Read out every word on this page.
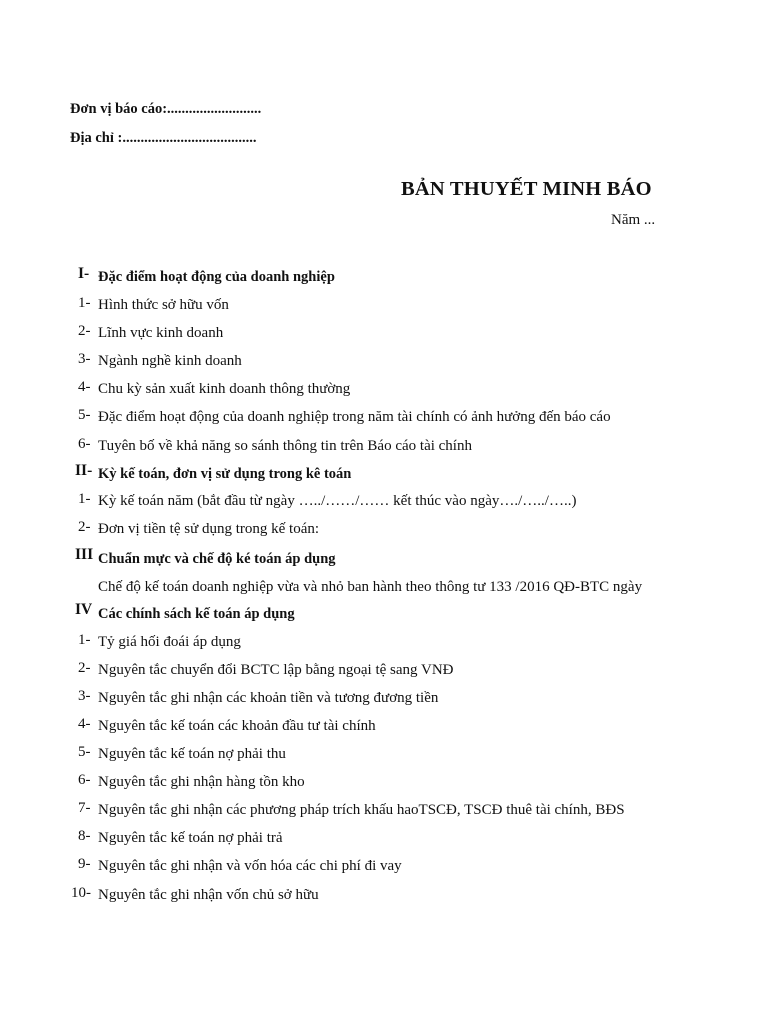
Đơn vị báo cáo:..........................
Địa chỉ :.....................................
BẢN THUYẾT MINH BÁO
Năm ...
I- Đặc điểm hoạt động của doanh nghiệp
1- Hình thức sở hữu vốn
2- Lĩnh vực kinh doanh
3- Ngành nghề kinh doanh
4- Chu kỳ sản xuất kinh doanh thông thường
5- Đặc điểm hoạt động của doanh nghiệp trong năm tài chính có ảnh hưởng đến báo cáo
6- Tuyên bố về khả năng so sánh thông tin trên Báo cáo tài chính
II- Kỳ kế toán, đơn vị sử dụng trong kê toán
1- Kỳ kế toán năm (bắt đầu từ ngày …../……/…… kết thúc vào ngày…./…../…..)
2- Đơn vị tiền tệ sử dụng trong kế toán:
III Chuẩn mực và chế độ ké toán áp dụng
Chế độ kế toán doanh nghiệp vừa và nhỏ ban hành theo thông tư 133 /2016 QĐ-BTC ngày
IV Các chính sách kế toán áp dụng
1- Tỷ giá hối đoái áp dụng
2- Nguyên tắc chuyển đổi BCTC lập bằng ngoại tệ sang VNĐ
3- Nguyên tắc ghi nhận các khoản tiền và tương đương tiền
4- Nguyên tắc kế toán các khoản đầu tư tài chính
5- Nguyên tắc kế toán nợ phải thu
6- Nguyên tắc ghi nhận hàng tồn kho
7- Nguyên tắc ghi nhận các phương pháp trích khấu haoTSCĐ, TSCĐ thuê tài chính, BĐS
8- Nguyên tắc kế toán nợ phải trả
9- Nguyên tắc ghi nhận và vốn hóa các chi phí đi vay
10- Nguyên tắc ghi nhận vốn chủ sở hữu
